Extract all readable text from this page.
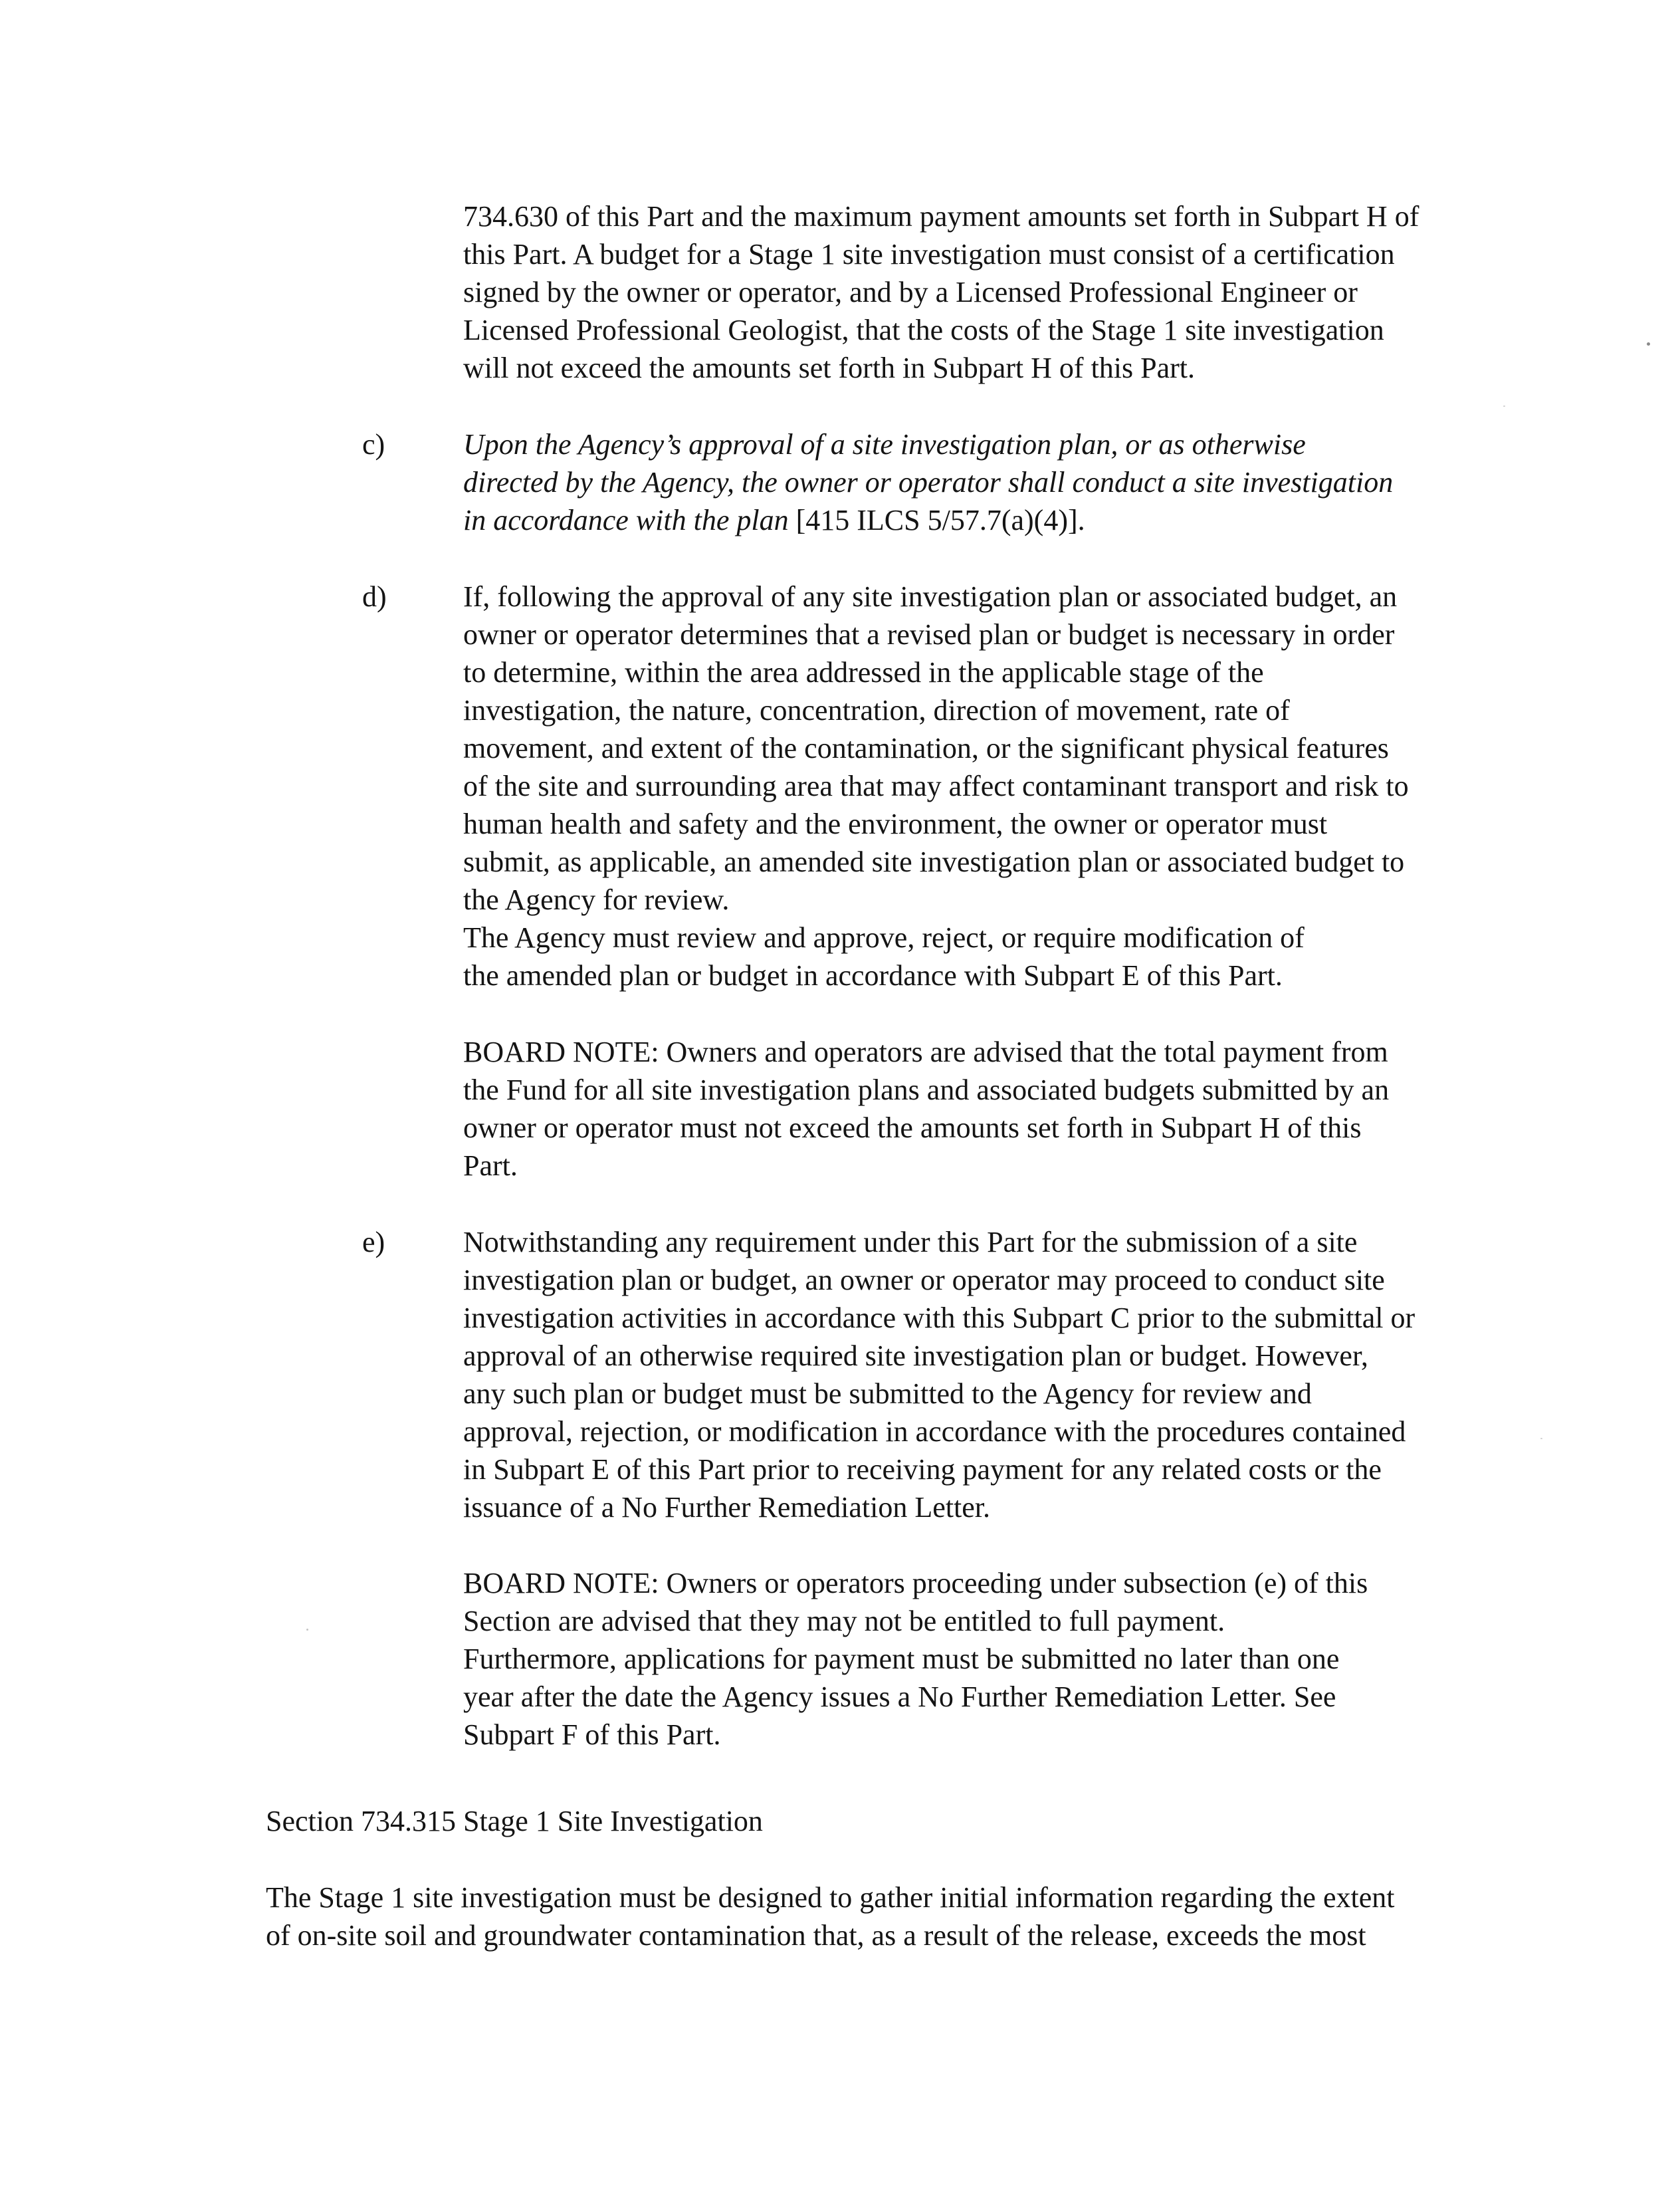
734.630 of this Part and the maximum payment amounts set forth in Subpart H of
this Part. A budget for a Stage 1 site investigation must consist of a certification
signed by the owner or operator, and by a Licensed Professional Engineer or
Licensed Professional Geologist, that the costs of the Stage 1 site investigation
will not exceed the amounts set forth in Subpart H of this Part.
c)	Upon the Agency’s approval of a site investigation plan, or as otherwise
directed by the Agency, the owner or operator shall conduct a site investigation
in accordance with the plan [415 ILCS 5/57.7(a)(4)].
d)	If, following the approval of any site investigation plan or associated budget, an
owner or operator determines that a revised plan or budget is necessary in order
to determine, within the area addressed in the applicable stage of the
investigation, the nature, concentration, direction of movement, rate of
movement, and extent of the contamination, or the significant physical features
of the site and surrounding area that may affect contaminant transport and risk to
human health and safety and the environment, the owner or operator must
submit, as applicable, an amended site investigation plan or associated budget to
the Agency for review.
The Agency must review and approve, reject, or require modification of
the amended plan or budget in accordance with Subpart E of this Part.
BOARD NOTE: Owners and operators are advised that the total payment from
the Fund for all site investigation plans and associated budgets submitted by an
owner or operator must not exceed the amounts set forth in Subpart H of this
Part.
e)	Notwithstanding any requirement under this Part for the submission of a site
investigation plan or budget, an owner or operator may proceed to conduct site
investigation activities in accordance with this Subpart C prior to the submittal or
approval of an otherwise required site investigation plan or budget. However,
any such plan or budget must be submitted to the Agency for review and
approval, rejection, or modification in accordance with the procedures contained
in Subpart E of this Part prior to receiving payment for any related costs or the
issuance of a No Further Remediation Letter.
BOARD NOTE: Owners or operators proceeding under subsection (e) of this
Section are advised that they may not be entitled to full payment.
Furthermore, applications for payment must be submitted no later than one
year after the date the Agency issues a No Further Remediation Letter. See
Subpart F of this Part.
Section 734.315 Stage 1 Site Investigation
The Stage 1 site investigation must be designed to gather initial information regarding the extent
of on-site soil and groundwater contamination that, as a result of the release, exceeds the most
